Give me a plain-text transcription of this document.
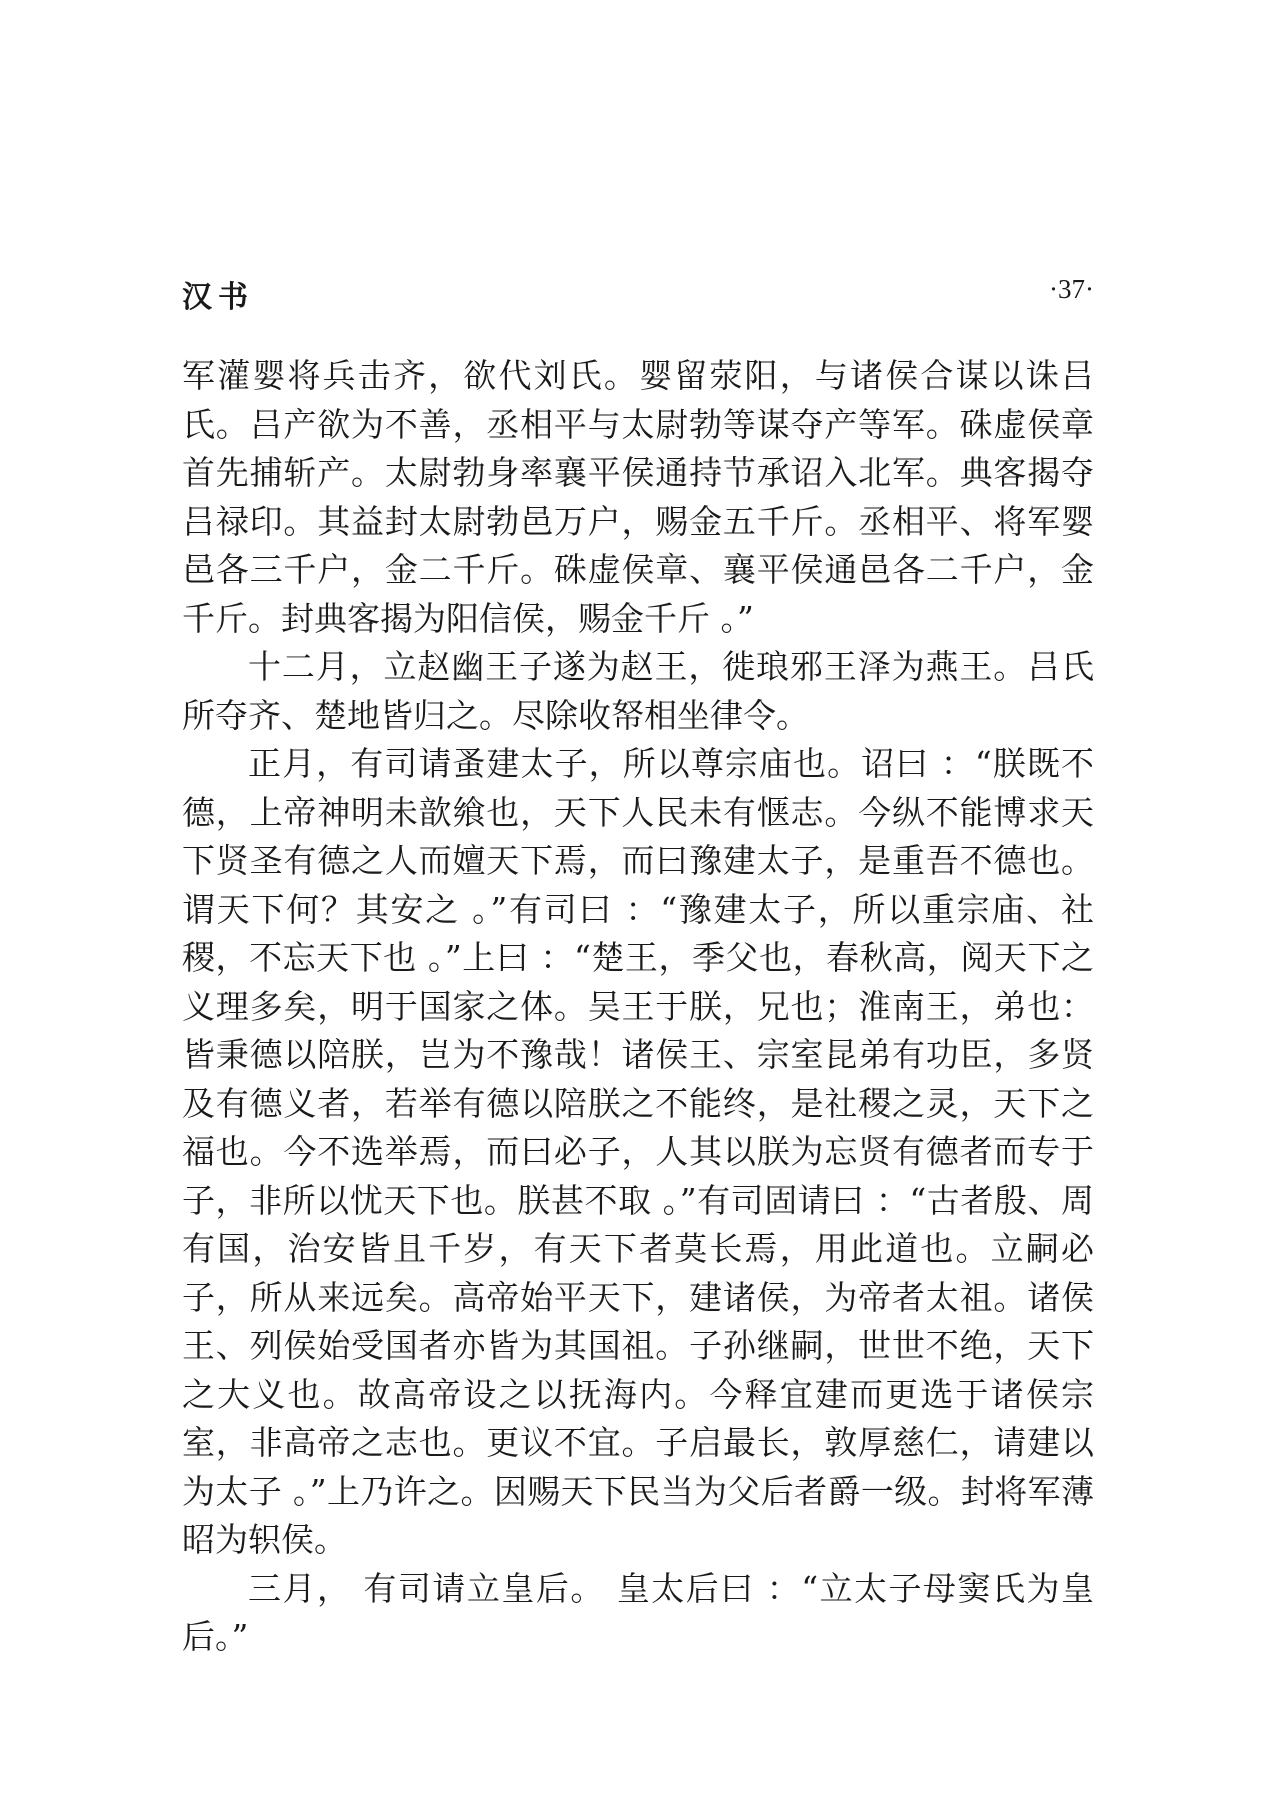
汉书	·37·

军灌婴将兵击齐，欲代刘氏。婴留荥阳，与诸侯合谋以诛吕氏。吕产欲为不善，丞相平与太尉勃等谋夺产等军。硃虚侯章首先捕斩产。太尉勃身率襄平侯通持节承诏入北军。典客揭夺吕禄印。其益封太尉勃邑万户，赐金五千斤。丞相平、将军婴邑各三千户，金二千斤。硃虚侯章、襄平侯通邑各二千户，金千斤。封典客揭为阳信侯，赐金千斤 。”

十二月，立赵幽王子遂为赵王，徙琅邪王泽为燕王。吕氏所夺齐、楚地皆归之。尽除收帑相坐律令。

正月，有司请蚤建太子，所以尊宗庙也。诏曰 ：“朕既不德，上帝神明未歆飨也，天下人民未有惬志。今纵不能博求天下贤圣有德之人而嬗天下焉，而曰豫建太子，是重吾不德也。谓天下何？其安之 。”有司曰 ：“豫建太子，所以重宗庙、社稷，不忘天下也 。”上曰 ：“楚王，季父也，春秋高，阅天下之义理多矣，明于国家之体。吴王于朕，兄也；淮南王，弟也：皆秉德以陪朕，岂为不豫哉！诸侯王、宗室昆弟有功臣，多贤及有德义者，若举有德以陪朕之不能终，是社稷之灵，天下之福也。今不选举焉，而曰必子，人其以朕为忘贤有德者而专于子，非所以忧天下也。朕甚不取 。”有司固请曰 ：“古者殷、周有国，治安皆且千岁，有天下者莫长焉，用此道也。立嗣必子，所从来远矣。高帝始平天下，建诸侯，为帝者太祖。诸侯王、列侯始受国者亦皆为其国祖。子孙继嗣，世世不绝，天下之大义也。故高帝设之以抚海内。今释宜建而更选于诸侯宗室，非高帝之志也。更议不宜。子启最长，敦厚慈仁，请建以为太子 。”上乃许之。因赐天下民当为父后者爵一级。封将军薄昭为轵侯。

三月， 有司请立皇后。 皇太后曰 ：“立太子母窦氏为皇后。”
